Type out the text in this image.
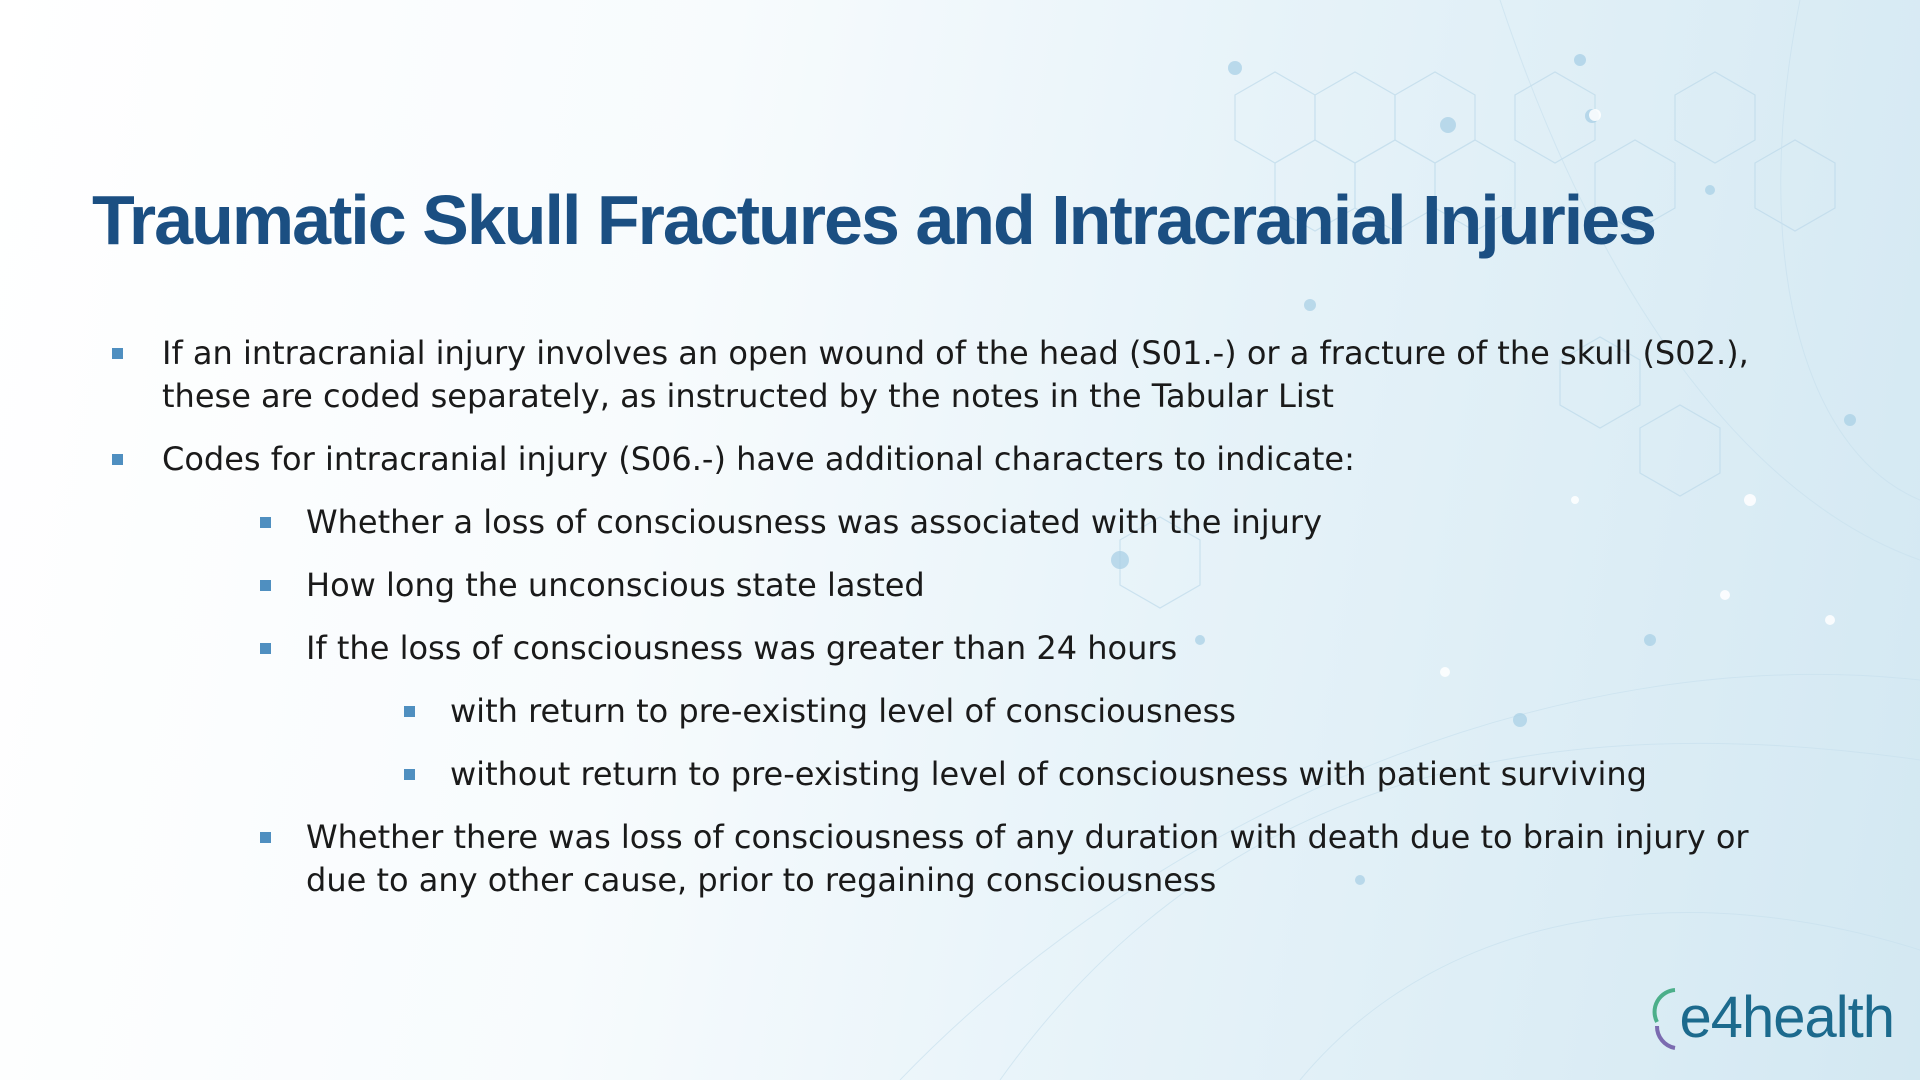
Traumatic Skull Fractures and Intracranial Injuries
If an intracranial injury involves an open wound of the head (S01.-) or a fracture of the skull (S02.), these are coded separately, as instructed by the notes in the Tabular List
Codes for intracranial injury (S06.-) have additional characters to indicate:
Whether a loss of consciousness was associated with the injury
How long the unconscious state lasted
If the loss of consciousness was greater than 24 hours
with return to pre-existing level of consciousness
without return to pre-existing level of consciousness with patient surviving
Whether there was loss of consciousness of any duration with death due to brain injury or due to any other cause, prior to regaining consciousness
e4health
